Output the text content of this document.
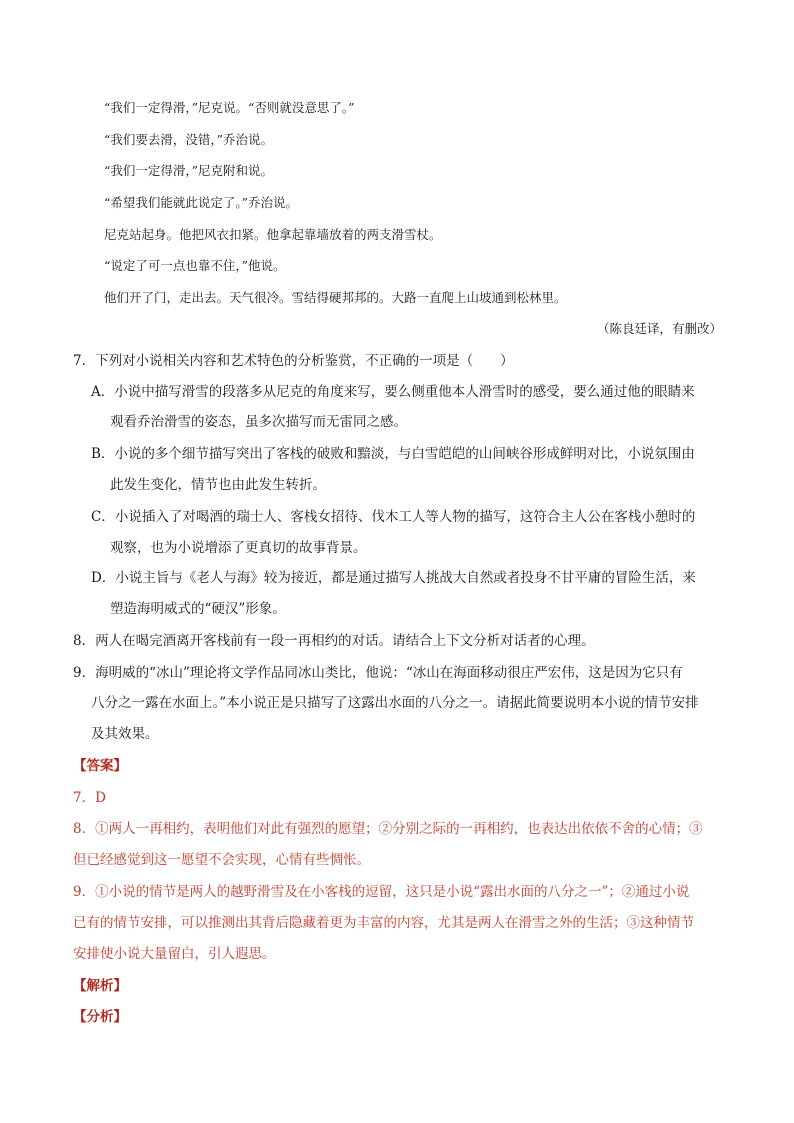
“我们一定得滑，”尼克说。“否则就没意思了。”
“我们要去滑，没错，”乔治说。
“我们一定得滑，”尼克附和说。
“希望我们能就此说定了。”乔治说。
尼克站起身。他把风衣扣紧。他拿起靠墙放着的两支滑雪杖。
“说定了可一点也靠不住，”他说。
他们开了门，走出去。天气很冷。雪结得硬邦邦的。大路一直爬上山坡通到松林里。
（陈良廷译，有删改）
7．下列对小说相关内容和艺术特色的分析鉴赏，不正确的一项是（　　）
A．小说中描写滑雪的段落多从尼克的角度来写，要么侧重他本人滑雪时的感受，要么通过他的眼睛来
观看乔治滑雪的姿态，虽多次描写而无雷同之感。
B．小说的多个细节描写突出了客栈的破败和黯淡，与白雪皑皑的山间峡谷形成鲜明对比，小说氛围由
此发生变化，情节也由此发生转折。
C．小说插入了对喝酒的瑞士人、客栈女招待、伐木工人等人物的描写，这符合主人公在客栈小憩时的
观察，也为小说增添了更真切的故事背景。
D．小说主旨与《老人与海》较为接近，都是通过描写人挑战大自然或者投身不甘平庸的冒险生活，来
塑造海明威式的“硬汉”形象。
8．两人在喝完酒离开客栈前有一段一再相约的对话。请结合上下文分析对话者的心理。
9．海明威的“冰山”理论将文学作品同冰山类比，他说：“冰山在海面移动很庄严宏伟，这是因为它只有
八分之一露在水面上。”本小说正是只描写了这露出水面的八分之一。请据此简要说明本小说的情节安排
及其效果。
【答案】
7．D
8．①两人一再相约，表明他们对此有强烈的愿望；②分别之际的一再相约，也表达出依依不舍的心情；③
但已经感觉到这一愿望不会实现，心情有些惆怅。
9．①小说的情节是两人的越野滑雪及在小客栈的逗留，这只是小说“露出水面的八分之一”；②通过小说
已有的情节安排，可以推测出其背后隐藏着更为丰富的内容，尤其是两人在滑雪之外的生活；③这种情节
安排使小说大量留白，引人遐思。
【解析】
【分析】
